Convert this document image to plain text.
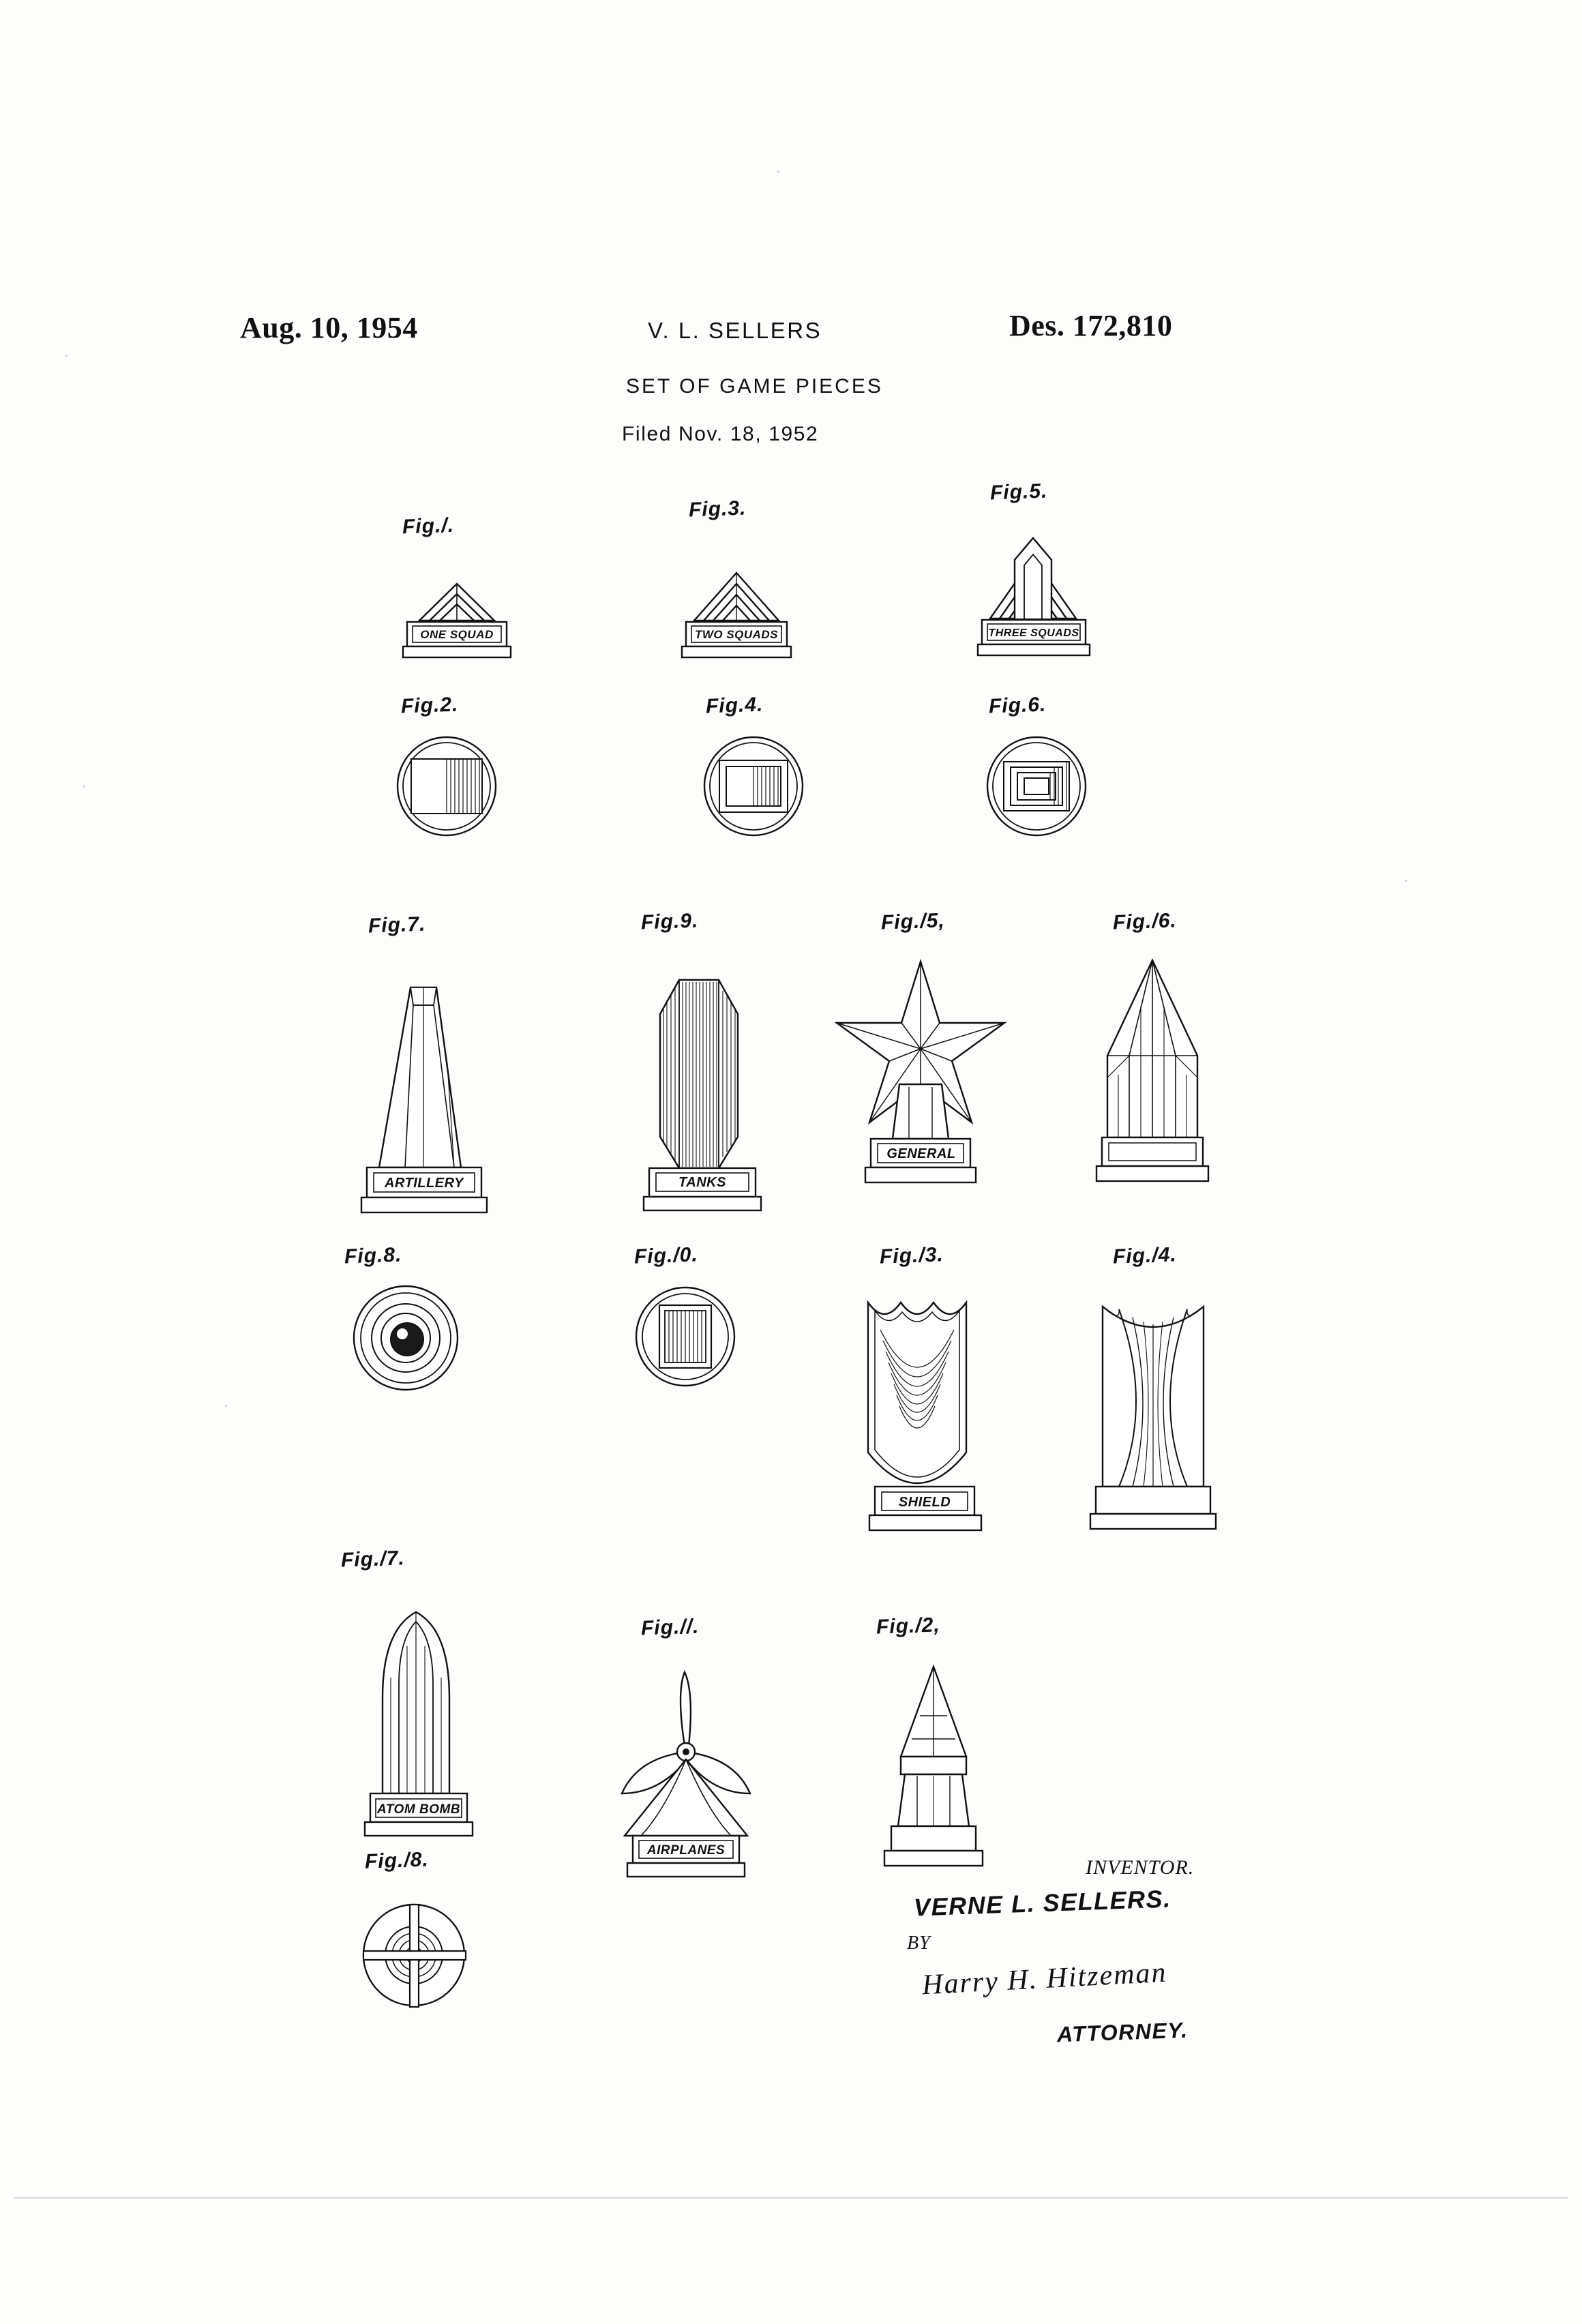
Aug. 10, 1954	V. L. SELLERS	Des. 172,810
SET OF GAME PIECES
Filed Nov. 18, 1952
Fig./.
ONE SQUAD
Fig.2.
Fig.3.
TWO SQUADS
Fig.4.
Fig.5.
THREE SQUADS
Fig.6.
Fig.7.
ARTILLERY
Fig.8.
Fig.9.
TANKS
Fig./0.
Fig./5,
GENERAL
Fig./6.
Fig./3.
SHIELD
Fig./4.
Fig./7.
ATOM BOMB
Fig./8.
Fig.//.
AIRPLANES
Fig./2,
INVENTOR.
VERNE L. SELLERS.
BY
Harry H. Hitzeman
ATTORNEY.
